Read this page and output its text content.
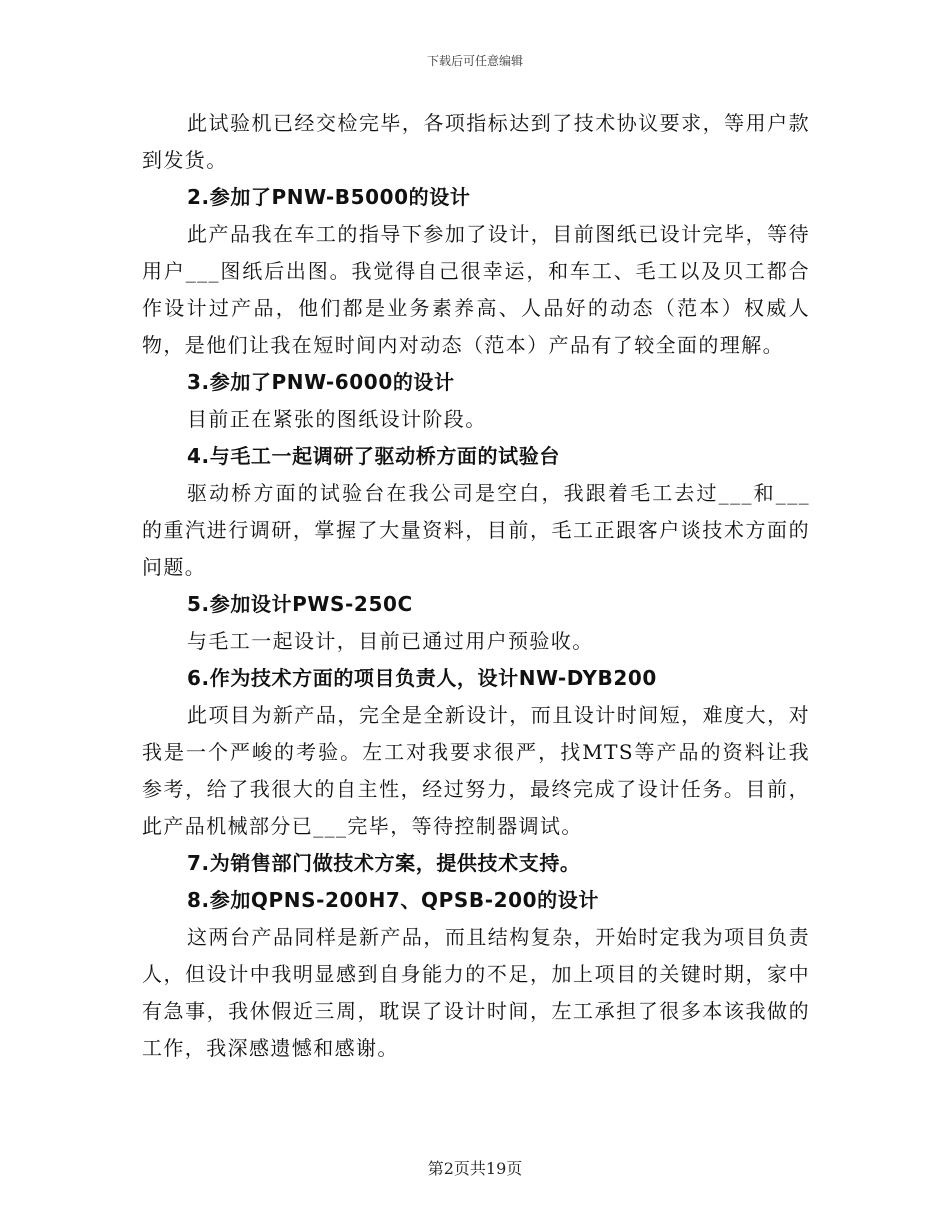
下载后可任意编辑

此试验机已经交检完毕，各项指标达到了技术协议要求，等用户款到发货。

2.参加了PNW-B5000的设计

此产品我在车工的指导下参加了设计，目前图纸已设计完毕，等待用户___图纸后出图。我觉得自己很幸运，和车工、毛工以及贝工都合作设计过产品，他们都是业务素养高、人品好的动态（范本）权威人物，是他们让我在短时间内对动态（范本）产品有了较全面的理解。

3.参加了PNW-6000的设计

目前正在紧张的图纸设计阶段。

4.与毛工一起调研了驱动桥方面的试验台

驱动桥方面的试验台在我公司是空白，我跟着毛工去过___和___的重汽进行调研，掌握了大量资料，目前，毛工正跟客户谈技术方面的问题。

5.参加设计PWS-250C

与毛工一起设计，目前已通过用户预验收。

6.作为技术方面的项目负责人，设计NW-DYB200

此项目为新产品，完全是全新设计，而且设计时间短，难度大，对我是一个严峻的考验。左工对我要求很严，找MTS等产品的资料让我参考，给了我很大的自主性，经过努力，最终完成了设计任务。目前，此产品机械部分已___完毕，等待控制器调试。

7.为销售部门做技术方案，提供技术支持。

8.参加QPNS-200H7、QPSB-200的设计

这两台产品同样是新产品，而且结构复杂，开始时定我为项目负责人，但设计中我明显感到自身能力的不足，加上项目的关键时期，家中有急事，我休假近三周，耽误了设计时间，左工承担了很多本该我做的工作，我深感遗憾和感谢。

第2页共19页
